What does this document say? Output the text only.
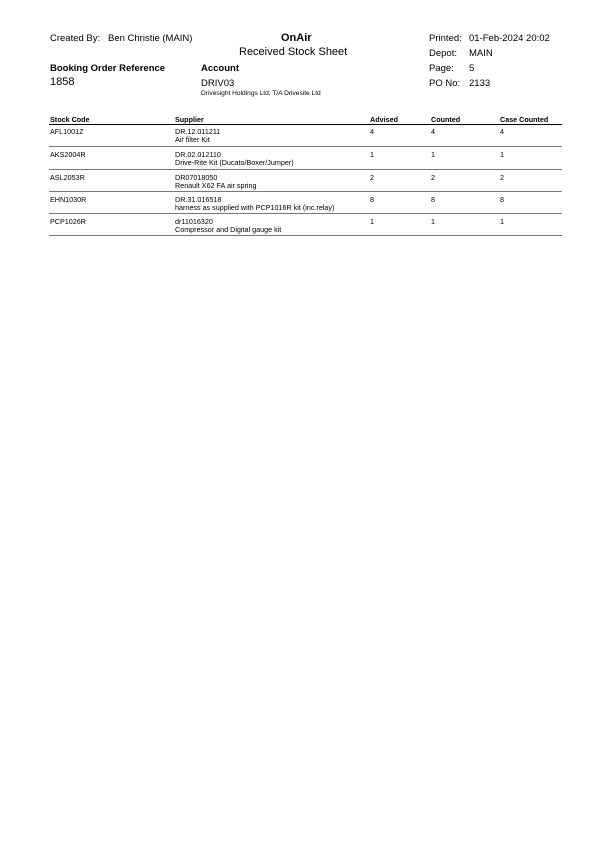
Created By: Ben Christie (MAIN)	OnAir
Received Stock Sheet
Printed: 01-Feb-2024 20:02
Depot: MAIN
Page: 5
PO No: 2133
Booking Order Reference
1858
Account
DRIV03
Drivesight Holdings Ltd, T/A Drivesite Ltd
Stock Code	Supplier	Advised	Counted	Case Counted
AFL1001Z	DR.12.011211
Air filter Kit
4	4	4
AKS2004R	DR.02.012110
Drive-Rite Kit (Ducato/Boxer/Jumper)
1	1	1
ASL2053R	DR07018050
Renault X62 FA air spring
2	2	2
EHN1030R	DR.31.016518
harness as supplied with PCP1016R kit (inc.relay)
8	8	8
PCP1026R	dr11016320
Compressor and Digital gauge kit
1	1	1
